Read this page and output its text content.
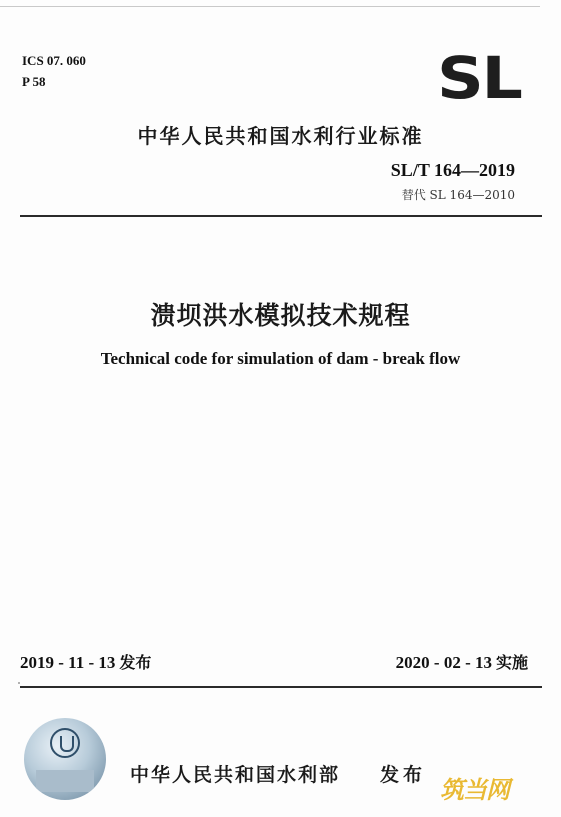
ICS 07. 060
P 58	SL
中华人民共和国水利行业标准
SL/T 164—2019
替代 SL 164—2010
溃坝洪水模拟技术规程
Technical code for simulation of dam - break flow
2019 - 11 - 13 发布	2020 - 02 - 13 实施
中华人民共和国水利部 发布
筑当网
